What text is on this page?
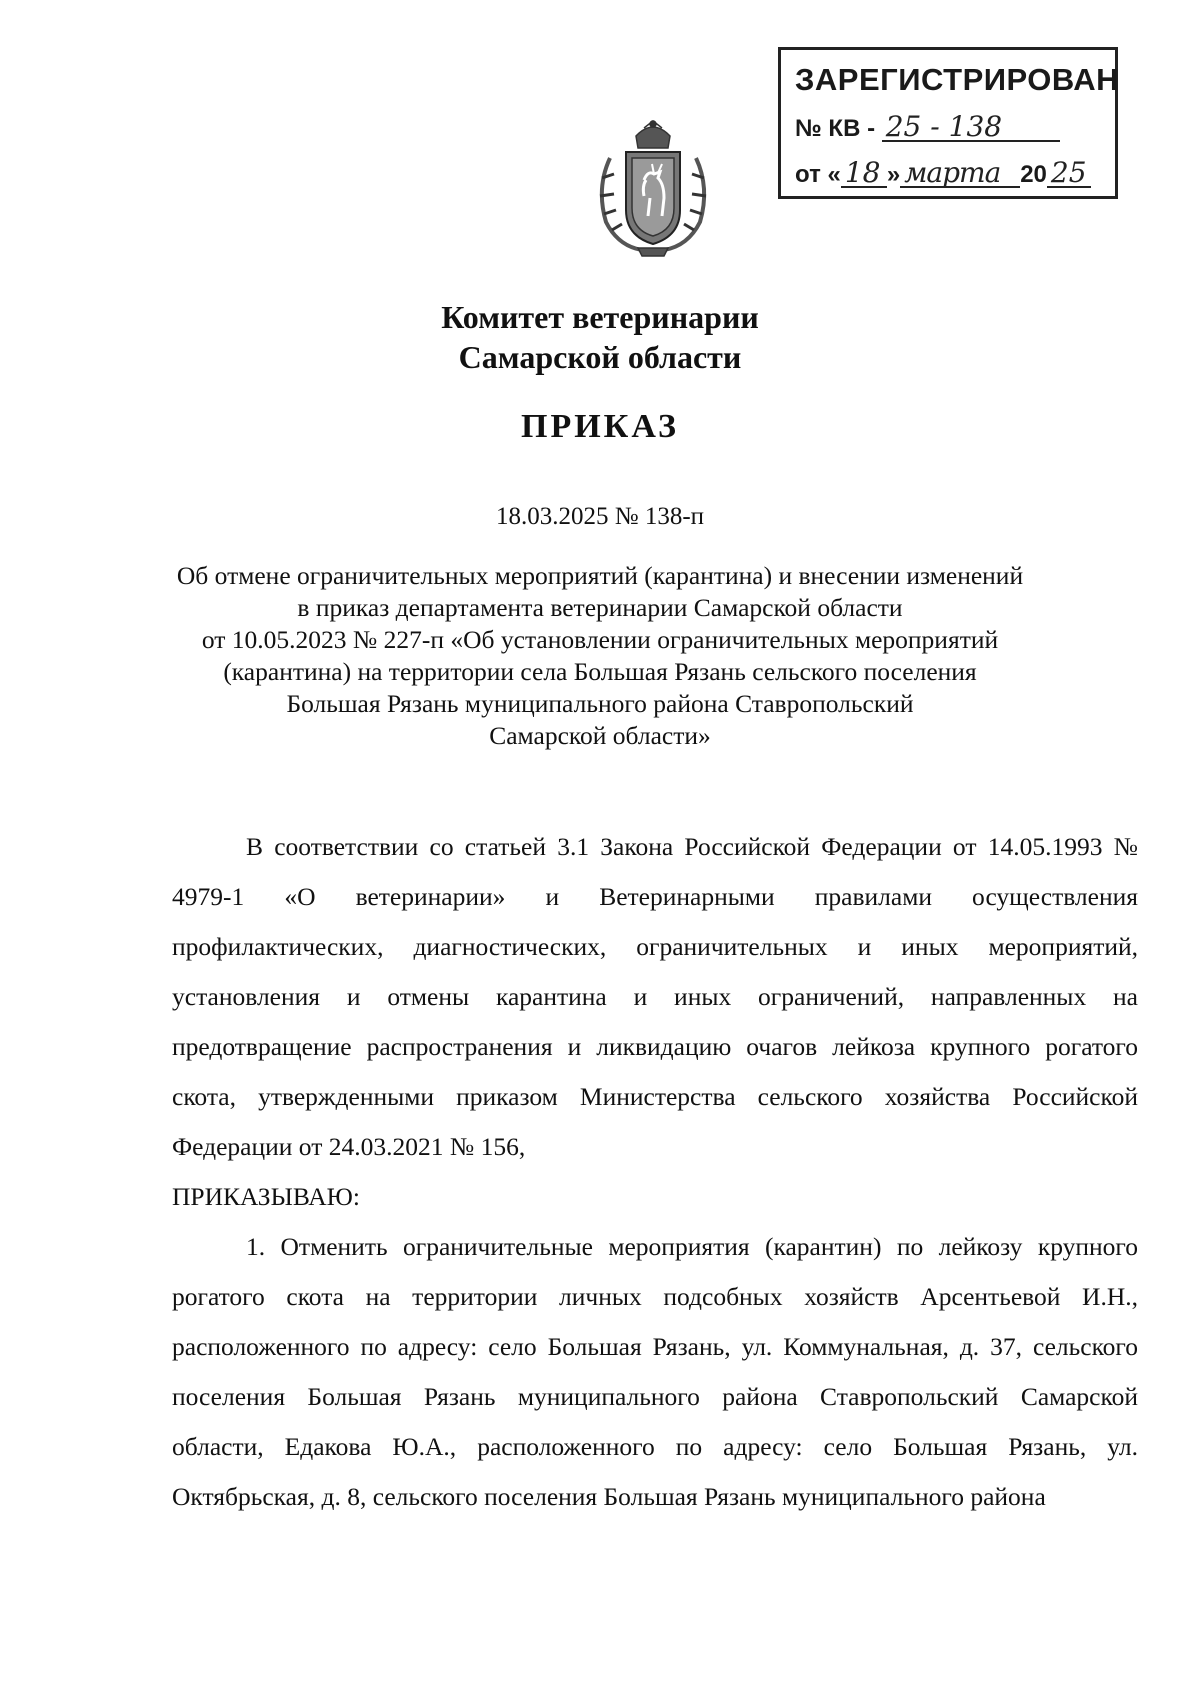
ЗАРЕГИСТРИРОВАН
№ КВ - 25 - 138
от « 18 » марта 20 25
Комитет ветеринарии
Самарской области
ПРИКАЗ
18.03.2025 № 138-п
Об отмене ограничительных мероприятий (карантина) и внесении изменений
в приказ департамента ветеринарии Самарской области
от 10.05.2023 № 227-п «Об установлении ограничительных мероприятий
(карантина) на территории села Большая Рязань сельского поселения
Большая Рязань муниципального района Ставропольский
Самарской области»

В соответствии со статьей 3.1 Закона Российской Федерации от 14.05.1993 № 4979-1 «О ветеринарии» и Ветеринарными правилами осуществления профилактических, диагностических, ограничительных и иных мероприятий, установления и отмены карантина и иных ограничений, направленных на предотвращение распространения и ликвидацию очагов лейкоза крупного рогатого скота, утвержденными приказом Министерства сельского хозяйства Российской Федерации от 24.03.2021 № 156,

ПРИКАЗЫВАЮ:

1. Отменить ограничительные мероприятия (карантин) по лейкозу крупного рогатого скота на территории личных подсобных хозяйств Арсентьевой И.Н., расположенного по адресу: село Большая Рязань, ул. Коммунальная, д. 37, сельского поселения Большая Рязань муниципального района Ставропольский Самарской области, Едакова Ю.А., расположенного по адресу: село Большая Рязань, ул. Октябрьская, д. 8, сельского поселения Большая Рязань муниципального района
